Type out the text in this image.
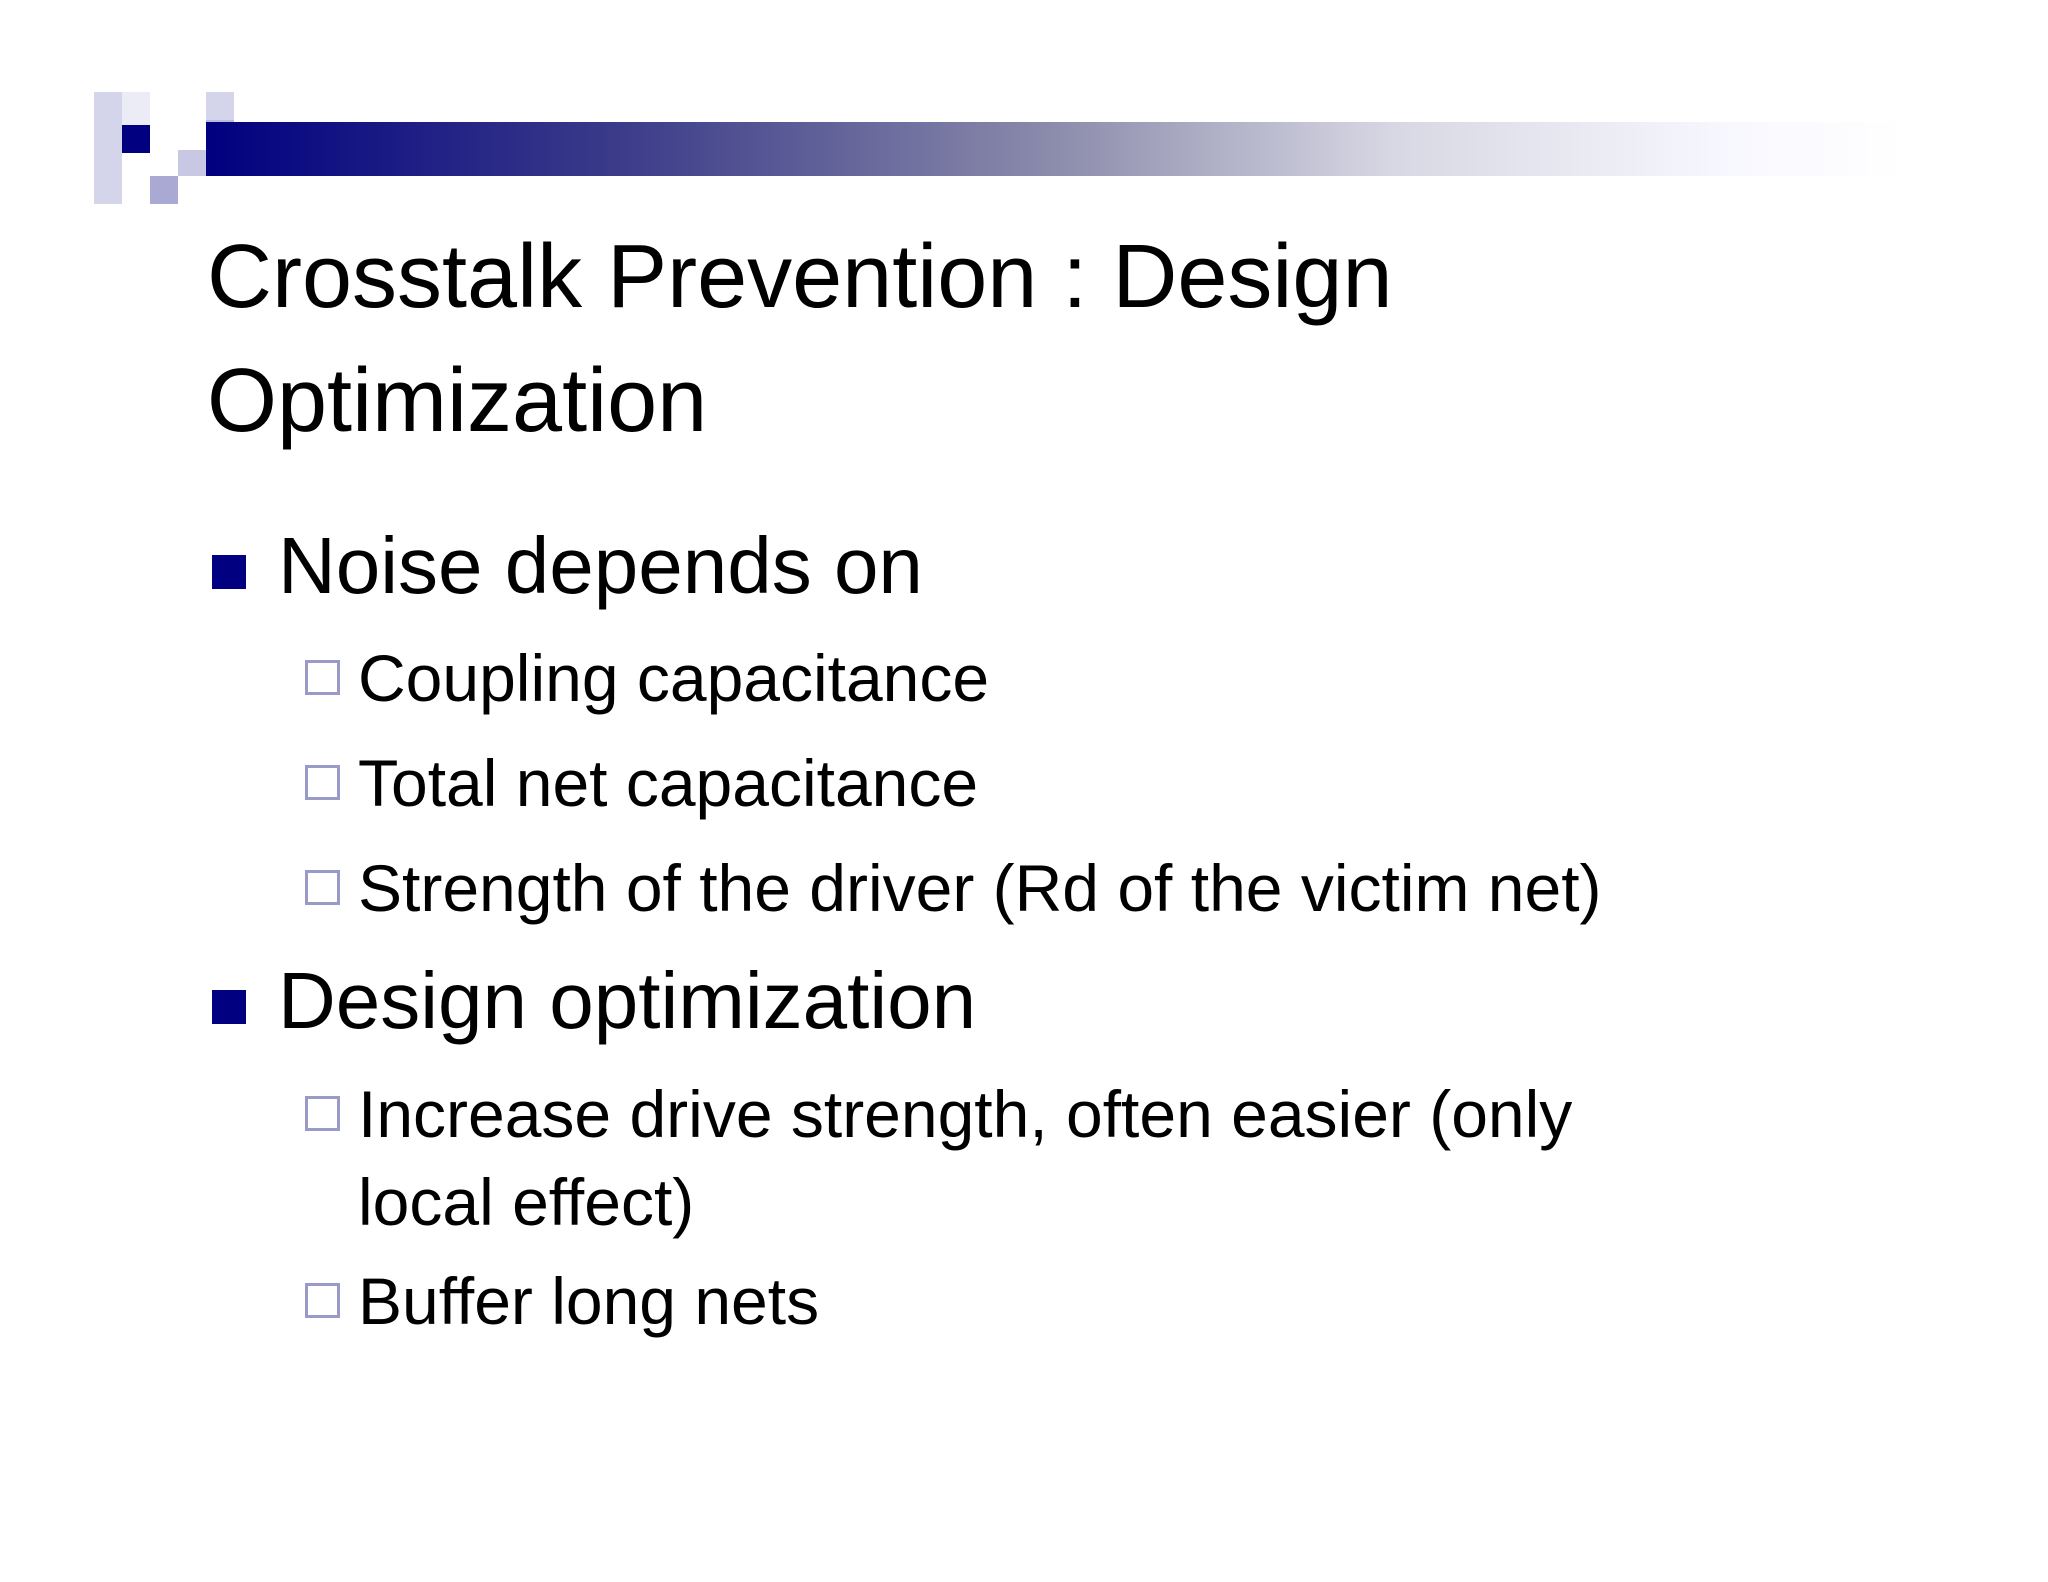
Crosstalk Prevention : Design
Optimization
Noise depends on
Coupling capacitance
Total net capacitance
Strength of the driver (Rd of the victim net)
Design optimization
Increase drive strength, often easier (only
local effect)
Buffer long nets
